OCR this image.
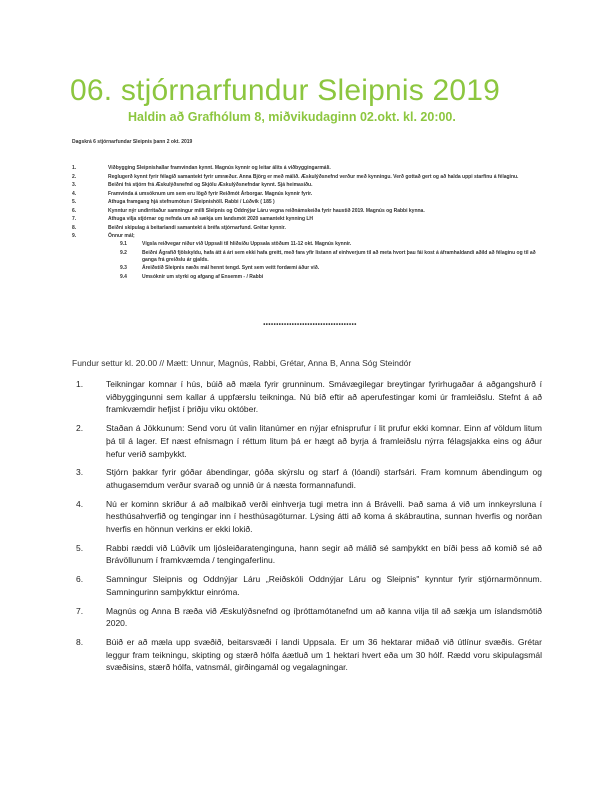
06. stjórnarfundur Sleipnis 2019
Haldin að Grafhólum 8, miðvikudaginn 02.okt. kl. 20:00.
Dagskrá 6 stjórnarfundar Sleipnis þann 2 okt. 2019
1.	Viðbygging Sleipnishallar framvindan kynnt. Magnús kynnir og leitar álits á viðbyggingarmáli.
2.	Reglugerð kynnt fyrir félagið samantekt fyrir umræður. Anna Björg er með málið. Æskulýðsnefnd verður með kynningu. Verð gottað gert og að halda uppi starfinu á félaginu.
3.	Beiðni frá stjórn frá Æskulýðsnefnd og Skjólu Æskulýðsnefndar kynnt. Sjá heimasíðu.
4.	Framvinda á umsóknum um sem eru lögð fyrir Reiðmót Árborgar. Magnús kynnir fyrir.
5.	Athuga framgang hjá stefnumótun í Sleipnishöll. Rabbi / Lúðvík ( 185 )
6.	Kynntur nýr undirritaður samningur milli Sleipnis og Oddnýjar Láru vegna reiðnámskeiða fyrir haustið 2019. Magnús og Rabbi kynna.
7.	Athuga vilja stjórnar og nefnda um að sækja um landsmót 2020 samantekt kynning LH
8.	Beiðni skipulag á beitarlandi samantekt á bréfa stjórnarfund. Grétar kynnir.
9.	Önnur mál;
9.1	Vígsla reiðvegar niður við Uppsali til hliðsíðu Uppsala stöðum 11-12 okt. Magnús kynnir.
9.2	Beiðni Ágrafið fjölskyldu, hafa átt á ári sem ekki hafa greitt, með fara yfir listann af einhverjum til að meta hvort þau fái kost á áframhaldandi aðild að félaginu og til að ganga frá greiðslu ár gjalds.
9.3	Áreiðstíð Sleipnis næðs mál hennt tengd. Synt sem veitt fordæmi áður við.
9.4	Umsóknir um styrki og afgang af Ensemm - / Rabbi
••••••••••••••••••••••••••••••••••••
Fundur settur kl. 20.00 // Mætt: Unnur, Magnús, Rabbi, Grétar, Anna B, Anna Sóg Steindór
1.	Teikningar komnar í hús, búið að mæla fyrir grunninum. Smávægilegar breytingar fyrirhugaðar á aðgangshurð í viðbyggingunni sem kallar á uppfærslu teikninga. Nú bíð eftir að aperufestingar komi úr framleiðslu. Stefnt á að framkvæmdir hefjist í þriðju viku október.
2.	Staðan á Jökkunum: Send voru út valin litanúmer en nýjar efnisprufur í lit prufur ekki komnar. Einn af völdum litum þá til á lager. Ef næst efnismagn í réttum litum þá er hægt að byrja á framleiðslu nýrra félagsjakka eins og áður hefur verið samþykkt.
3.	Stjórn þakkar fyrir góðar ábendingar, góða skýrslu og starf á (lóandi) starfsári. Fram komnum ábendingum og athugasemdum verður svarað og unnið úr á næsta formannafundi.
4.	Nú er kominn skriður á að malbikað verði einhverja tugi metra inn á Brávelli. Það sama á við um innkeyrsluna í hesthúsahverfið og tengingar inn í hesthúsagöturnar. Lýsing átti að koma á skábrautina, sunnan hverfis og norðan hverfis en hönnun verkins er ekki lokið.
5.	Rabbi ræddi við Lúðvík um ljósleiðaratenginguna, hann segir að málið sé samþykkt en bíði þess að komið sé að Brávöllunum í framkvæmda / tengingaferlinu.
6.	Samningur Sleipnis og Oddnýjar Láru „Reiðskóli Oddnýjar Láru og Sleipnis" kynntur fyrir stjórnarmönnum. Samningurinn samþykktur einróma.
7.	Magnús og Anna B ræða við Æskulýðsnefnd og íþróttamótanefnd um að kanna vilja til að sækja um íslandsmótið 2020.
8.	Búið er að mæla upp svæðið, beitarsvæði í landi Uppsala. Er um 36 hektarar miðað við útlínur svæðis. Grétar leggur fram teikningu, skipting og stærð hólfa áætluð um 1 hektari hvert eða um 30 hólf. Rædd voru skipulagsmál svæðisins, stærð hólfa, vatnsmál, girðingamál og vegalagningar.
